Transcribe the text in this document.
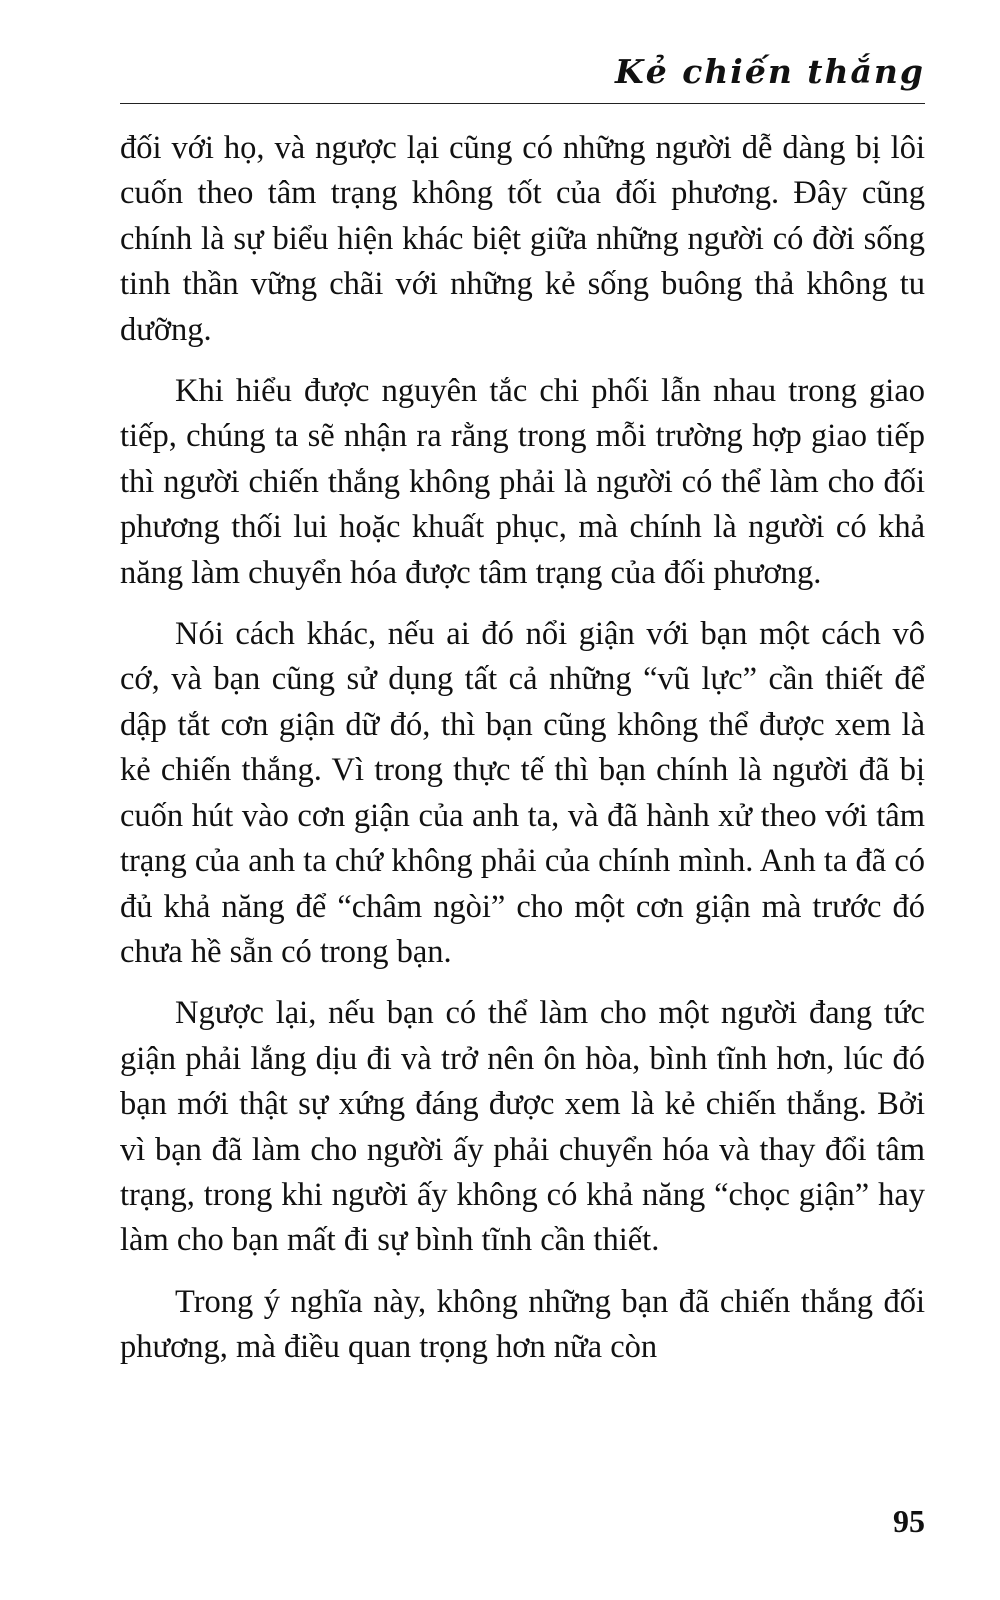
Kẻ chiến thắng

đối với họ, và ngược lại cũng có những người dễ dàng bị lôi cuốn theo tâm trạng không tốt của đối phương. Đây cũng chính là sự biểu hiện khác biệt giữa những người có đời sống tinh thần vững chãi với những kẻ sống buông thả không tu dưỡng.

Khi hiểu được nguyên tắc chi phối lẫn nhau trong giao tiếp, chúng ta sẽ nhận ra rằng trong mỗi trường hợp giao tiếp thì người chiến thắng không phải là người có thể làm cho đối phương thối lui hoặc khuất phục, mà chính là người có khả năng làm chuyển hóa được tâm trạng của đối phương.

Nói cách khác, nếu ai đó nổi giận với bạn một cách vô cớ, và bạn cũng sử dụng tất cả những “vũ lực” cần thiết để dập tắt cơn giận dữ đó, thì bạn cũng không thể được xem là kẻ chiến thắng. Vì trong thực tế thì bạn chính là người đã bị cuốn hút vào cơn giận của anh ta, và đã hành xử theo với tâm trạng của anh ta chứ không phải của chính mình. Anh ta đã có đủ khả năng để “châm ngòi” cho một cơn giận mà trước đó chưa hề sẵn có trong bạn.

Ngược lại, nếu bạn có thể làm cho một người đang tức giận phải lắng dịu đi và trở nên ôn hòa, bình tĩnh hơn, lúc đó bạn mới thật sự xứng đáng được xem là kẻ chiến thắng. Bởi vì bạn đã làm cho người ấy phải chuyển hóa và thay đổi tâm trạng, trong khi người ấy không có khả năng “chọc giận” hay làm cho bạn mất đi sự bình tĩnh cần thiết.

Trong ý nghĩa này, không những bạn đã chiến thắng đối phương, mà điều quan trọng hơn nữa còn

95
